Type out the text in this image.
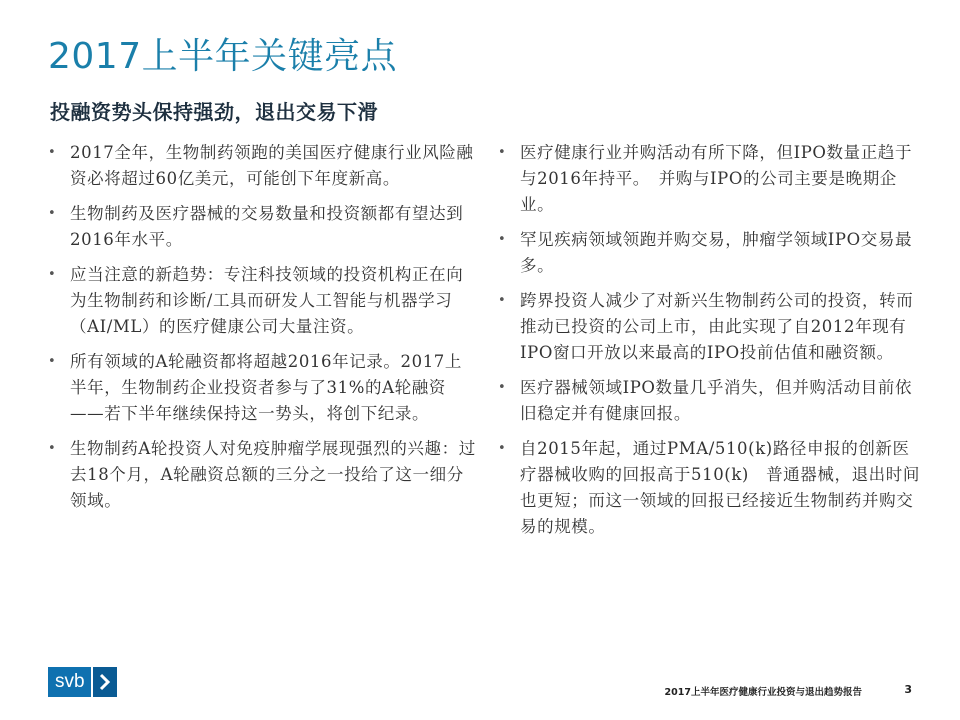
2017上半年关键亮点
投融资势头保持强劲，退出交易下滑
• 2017全年，生物制药领跑的美国医疗健康行业风险融资必将超过60亿美元，可能创下年度新高。
• 生物制药及医疗器械的交易数量和投资额都有望达到2016年水平。
• 应当注意的新趋势：专注科技领域的投资机构正在向为生物制药和诊断/工具而研发人工智能与机器学习（AI/ML）的医疗健康公司大量注资。
• 所有领域的A轮融资都将超越2016年记录。2017上半年，生物制药企业投资者参与了31%的A轮融资——若下半年继续保持这一势头，将创下纪录。
• 生物制药A轮投资人对免疫肿瘤学展现强烈的兴趣：过去18个月，A轮融资总额的三分之一投给了这一细分领域。
• 医疗健康行业并购活动有所下降，但IPO数量正趋于与2016年持平。　并购与IPO的公司主要是晚期企业。
• 罕见疾病领域领跑并购交易，肿瘤学领域IPO交易最多。
• 跨界投资人减少了对新兴生物制药公司的投资，转而推动已投资的公司上市，由此实现了自2012年现有IPO窗口开放以来最高的IPO投前估值和融资额。
• 医疗器械领域IPO数量几乎消失，但并购活动目前依旧稳定并有健康回报。
• 自2015年起，通过PMA/510(k)路径申报的创新医疗器械收购的回报高于510(k)　普通器械，退出时间也更短；而这一领域的回报已经接近生物制药并购交易的规模。
svb
2017上半年医疗健康行业投资与退出趋势报告	3
